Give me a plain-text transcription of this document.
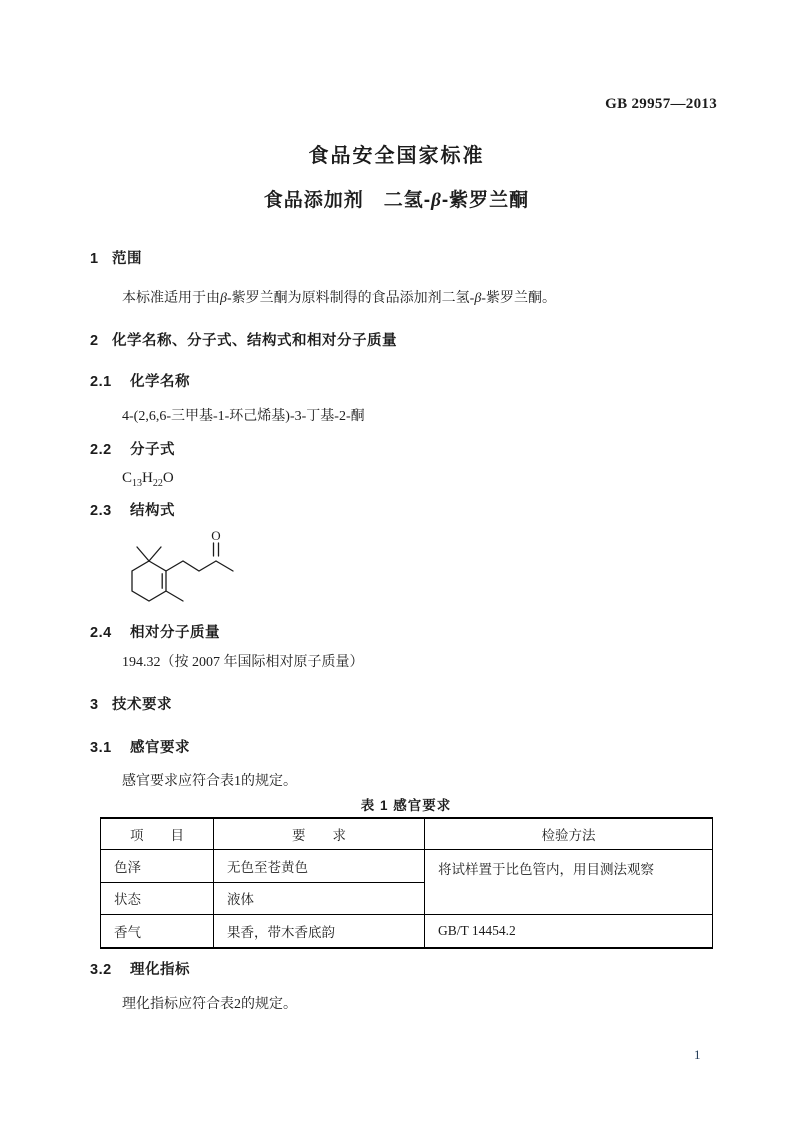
GB 29957—2013
食品安全国家标准
食品添加剂　二氢-β-紫罗兰酮
1 范围
本标准适用于由β-紫罗兰酮为原料制得的食品添加剂二氢-β-紫罗兰酮。
2 化学名称、分子式、结构式和相对分子质量
2.1 化学名称
4-(2,6,6-三甲基-1-环己烯基)-3-丁基-2-酮
2.2 分子式
$C_{13}H_{22}O$
2.3 结构式
O
2.4 相对分子质量
194.32（按 2007 年国际相对原子质量）
3 技术要求
3.1 感官要求
感官要求应符合表1的规定。
表 1 感官要求
项　　目	要　　求	检验方法
色泽	无色至苍黄色	将试样置于比色管内，用目测法观察
状态	液体	
香气	果香，带木香底韵	GB/T 14454.2
3.2 理化指标
理化指标应符合表2的规定。
1
